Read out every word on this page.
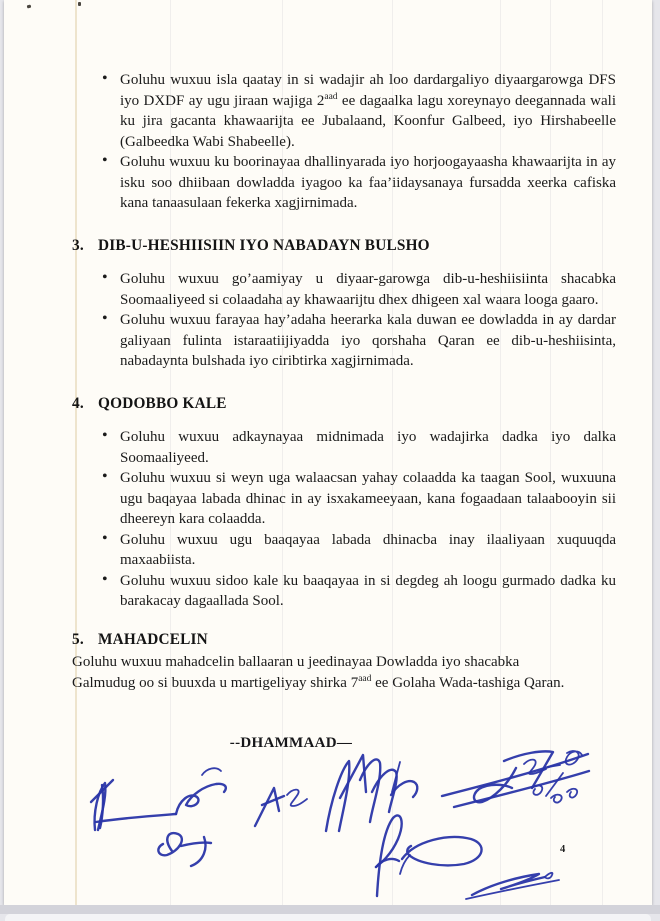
• Goluhu wuxuu isla qaatay in si wadajir ah loo dardargaliyo diyaargarowga DFS iyo DXDF ay ugu jiraan wajiga $2^{aad}$ ee dagaalka lagu xoreynayo deegannada wali ku jira gacanta khawaarijta ee Jubalaand, Koonfur Galbeed, iyo Hirshabeelle (Galbeedka Wabi Shabeelle).
• Goluhu wuxuu ku boorinayaa dhallinyarada iyo horjoogayaasha khawaarijta in ay isku soo dhiibaan dowladda iyagoo ka faa’iidaysanaya fursadda xeerka cafiska kana tanaasulaan fekerka xagjirnimada.
3. DIB-U-HESHIISIIN IYO NABADAYN BULSHO
• Goluhu wuxuu go’aamiyay u diyaar-garowga dib-u-heshiisiinta shacabka Soomaaliyeed si colaadaha ay khawaarijtu dhex dhigeen xal waara looga gaaro.
• Goluhu wuxuu farayaa hay’adaha heerarka kala duwan ee dowladda in ay dardar galiyaan fulinta istaraatiijiyadda iyo qorshaha Qaran ee dib-u-heshiisinta, nabadaynta bulshada iyo ciribtirka xagjirnimada.
4. QODOBBO KALE
• Goluhu wuxuu adkaynayaa midnimada iyo wadajirka dadka iyo dalka Soomaaliyeed.
• Goluhu wuxuu si weyn uga walaacsan yahay colaadda ka taagan Sool, wuxuuna ugu baqayaa labada dhinac in ay isxakameeyaan, kana fogaadaan talaabooyin sii dheereyn kara colaadda.
• Goluhu wuxuu ugu baaqayaa labada dhinacba inay ilaaliyaan xuquuqda maxaabiista.
• Goluhu wuxuu sidoo kale ku baaqayaa in si degdeg ah loogu gurmado dadka ku barakacay dagaallada Sool.
5. MAHADCELIN

Goluhu wuxuu mahadcelin ballaaran u jeedinayaa Dowladda iyo shacabka
Galmudug oo si buuxda u martigeliyay shirka $7^{aad}$ ee Golaha Wada-tashiga Qaran.

--DHAMMAAD—
4
